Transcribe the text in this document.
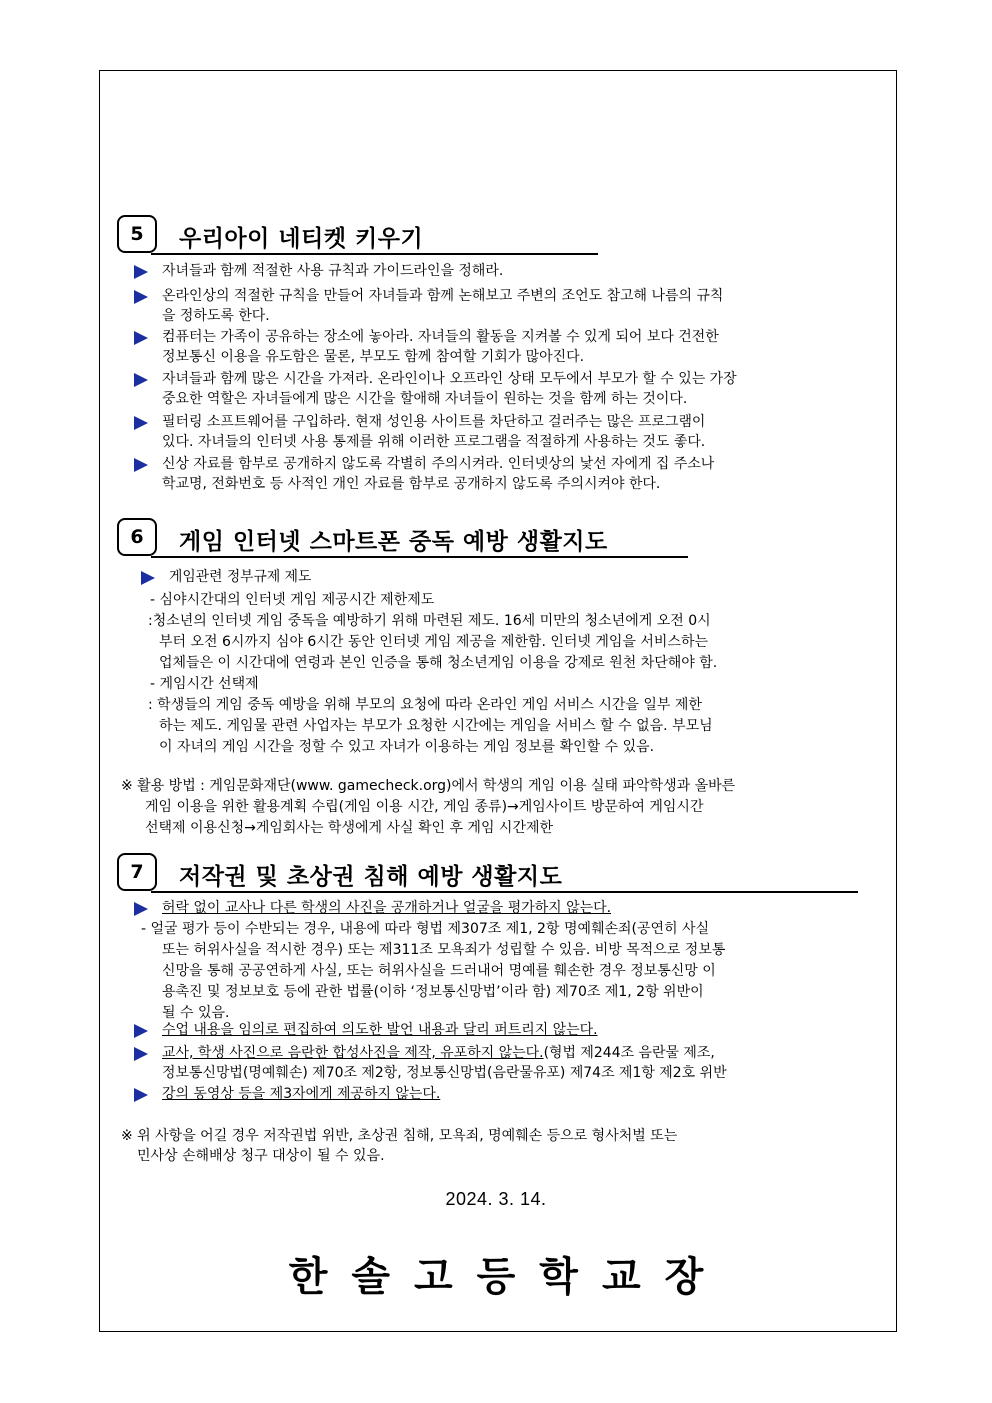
5	우리아이 네티켓 키우기
자녀들과 함께 적절한 사용 규칙과 가이드라인을 정해라.
온라인상의 적절한 규칙을 만들어 자녀들과 함께 논해보고 주변의 조언도 참고해 나름의 규칙
을 정하도록 한다.
컴퓨터는 가족이 공유하는 장소에 놓아라. 자녀들의 활동을 지켜볼 수 있게 되어 보다 건전한
정보통신 이용을 유도함은 물론, 부모도 함께 참여할 기회가 많아진다.
자녀들과 함께 많은 시간을 가져라. 온라인이나 오프라인 상태 모두에서 부모가 할 수 있는 가장
중요한 역할은 자녀들에게 많은 시간을 할애해 자녀들이 원하는 것을 함께 하는 것이다.
필터링 소프트웨어를 구입하라. 현재 성인용 사이트를 차단하고 걸러주는 많은 프로그램이
있다. 자녀들의 인터넷 사용 통제를 위해 이러한 프로그램을 적절하게 사용하는 것도 좋다.
신상 자료를 함부로 공개하지 않도록 각별히 주의시켜라. 인터넷상의 낯선 자에게 집 주소나
학교명, 전화번호 등 사적인 개인 자료를 함부로 공개하지 않도록 주의시켜야 한다.
6	게임 인터넷 스마트폰 중독 예방 생활지도
게임관련 정부규제 제도
- 심야시간대의 인터넷 게임 제공시간 제한제도
:청소년의 인터넷 게임 중독을 예방하기 위해 마련된 제도. 16세 미만의 청소년에게 오전 0시
부터 오전 6시까지 심야 6시간 동안 인터넷 게임 제공을 제한함. 인터넷 게임을 서비스하는
업체들은 이 시간대에 연령과 본인 인증을 통해 청소년게임 이용을 강제로 원천 차단해야 함.
- 게임시간 선택제
: 학생들의 게임 중독 예방을 위해 부모의 요청에 따라 온라인 게임 서비스 시간을 일부 제한
하는 제도. 게임물 관련 사업자는 부모가 요청한 시간에는 게임을 서비스 할 수 없음. 부모님
이 자녀의 게임 시간을 정할 수 있고 자녀가 이용하는 게임 정보를 확인할 수 있음.
※ 활용 방법 : 게임문화재단(www. gamecheck.org)에서 학생의 게임 이용 실태 파악학생과 올바른
게임 이용을 위한 활용계획 수립(게임 이용 시간, 게임 종류)→게임사이트 방문하여 게임시간
선택제 이용신청→게임회사는 학생에게 사실 확인 후 게임 시간제한
7	저작권 및 초상권 침해 예방 생활지도
허락 없이 교사나 다른 학생의 사진을 공개하거나 얼굴을 평가하지 않는다.
- 얼굴 평가 등이 수반되는 경우, 내용에 따라 형법 제307조 제1, 2항 명예훼손죄(공연히 사실
또는 허위사실을 적시한 경우) 또는 제311조 모욕죄가 성립할 수 있음. 비방 목적으로 정보통
신망을 통해 공공연하게 사실, 또는 허위사실을 드러내어 명예를 훼손한 경우 정보통신망 이
용촉진 및 정보보호 등에 관한 법률(이하 ‘정보통신망법’이라 함) 제70조 제1, 2항 위반이
될 수 있음.
수업 내용을 임의로 편집하여 의도한 발언 내용과 달리 퍼트리지 않는다.
교사, 학생 사진으로 음란한 합성사진을 제작, 유포하지 않는다.(형법 제244조 음란물 제조,
정보통신망법(명예훼손) 제70조 제2항, 정보통신망법(음란물유포) 제74조 제1항 제2호 위반
강의 동영상 등을 제3자에게 제공하지 않는다.
※ 위 사항을 어길 경우 저작권법 위반, 초상권 침해, 모욕죄, 명예훼손 등으로 형사처벌 또는
민사상 손해배상 청구 대상이 될 수 있음.
2024. 3. 14.
한솔고등학교장
